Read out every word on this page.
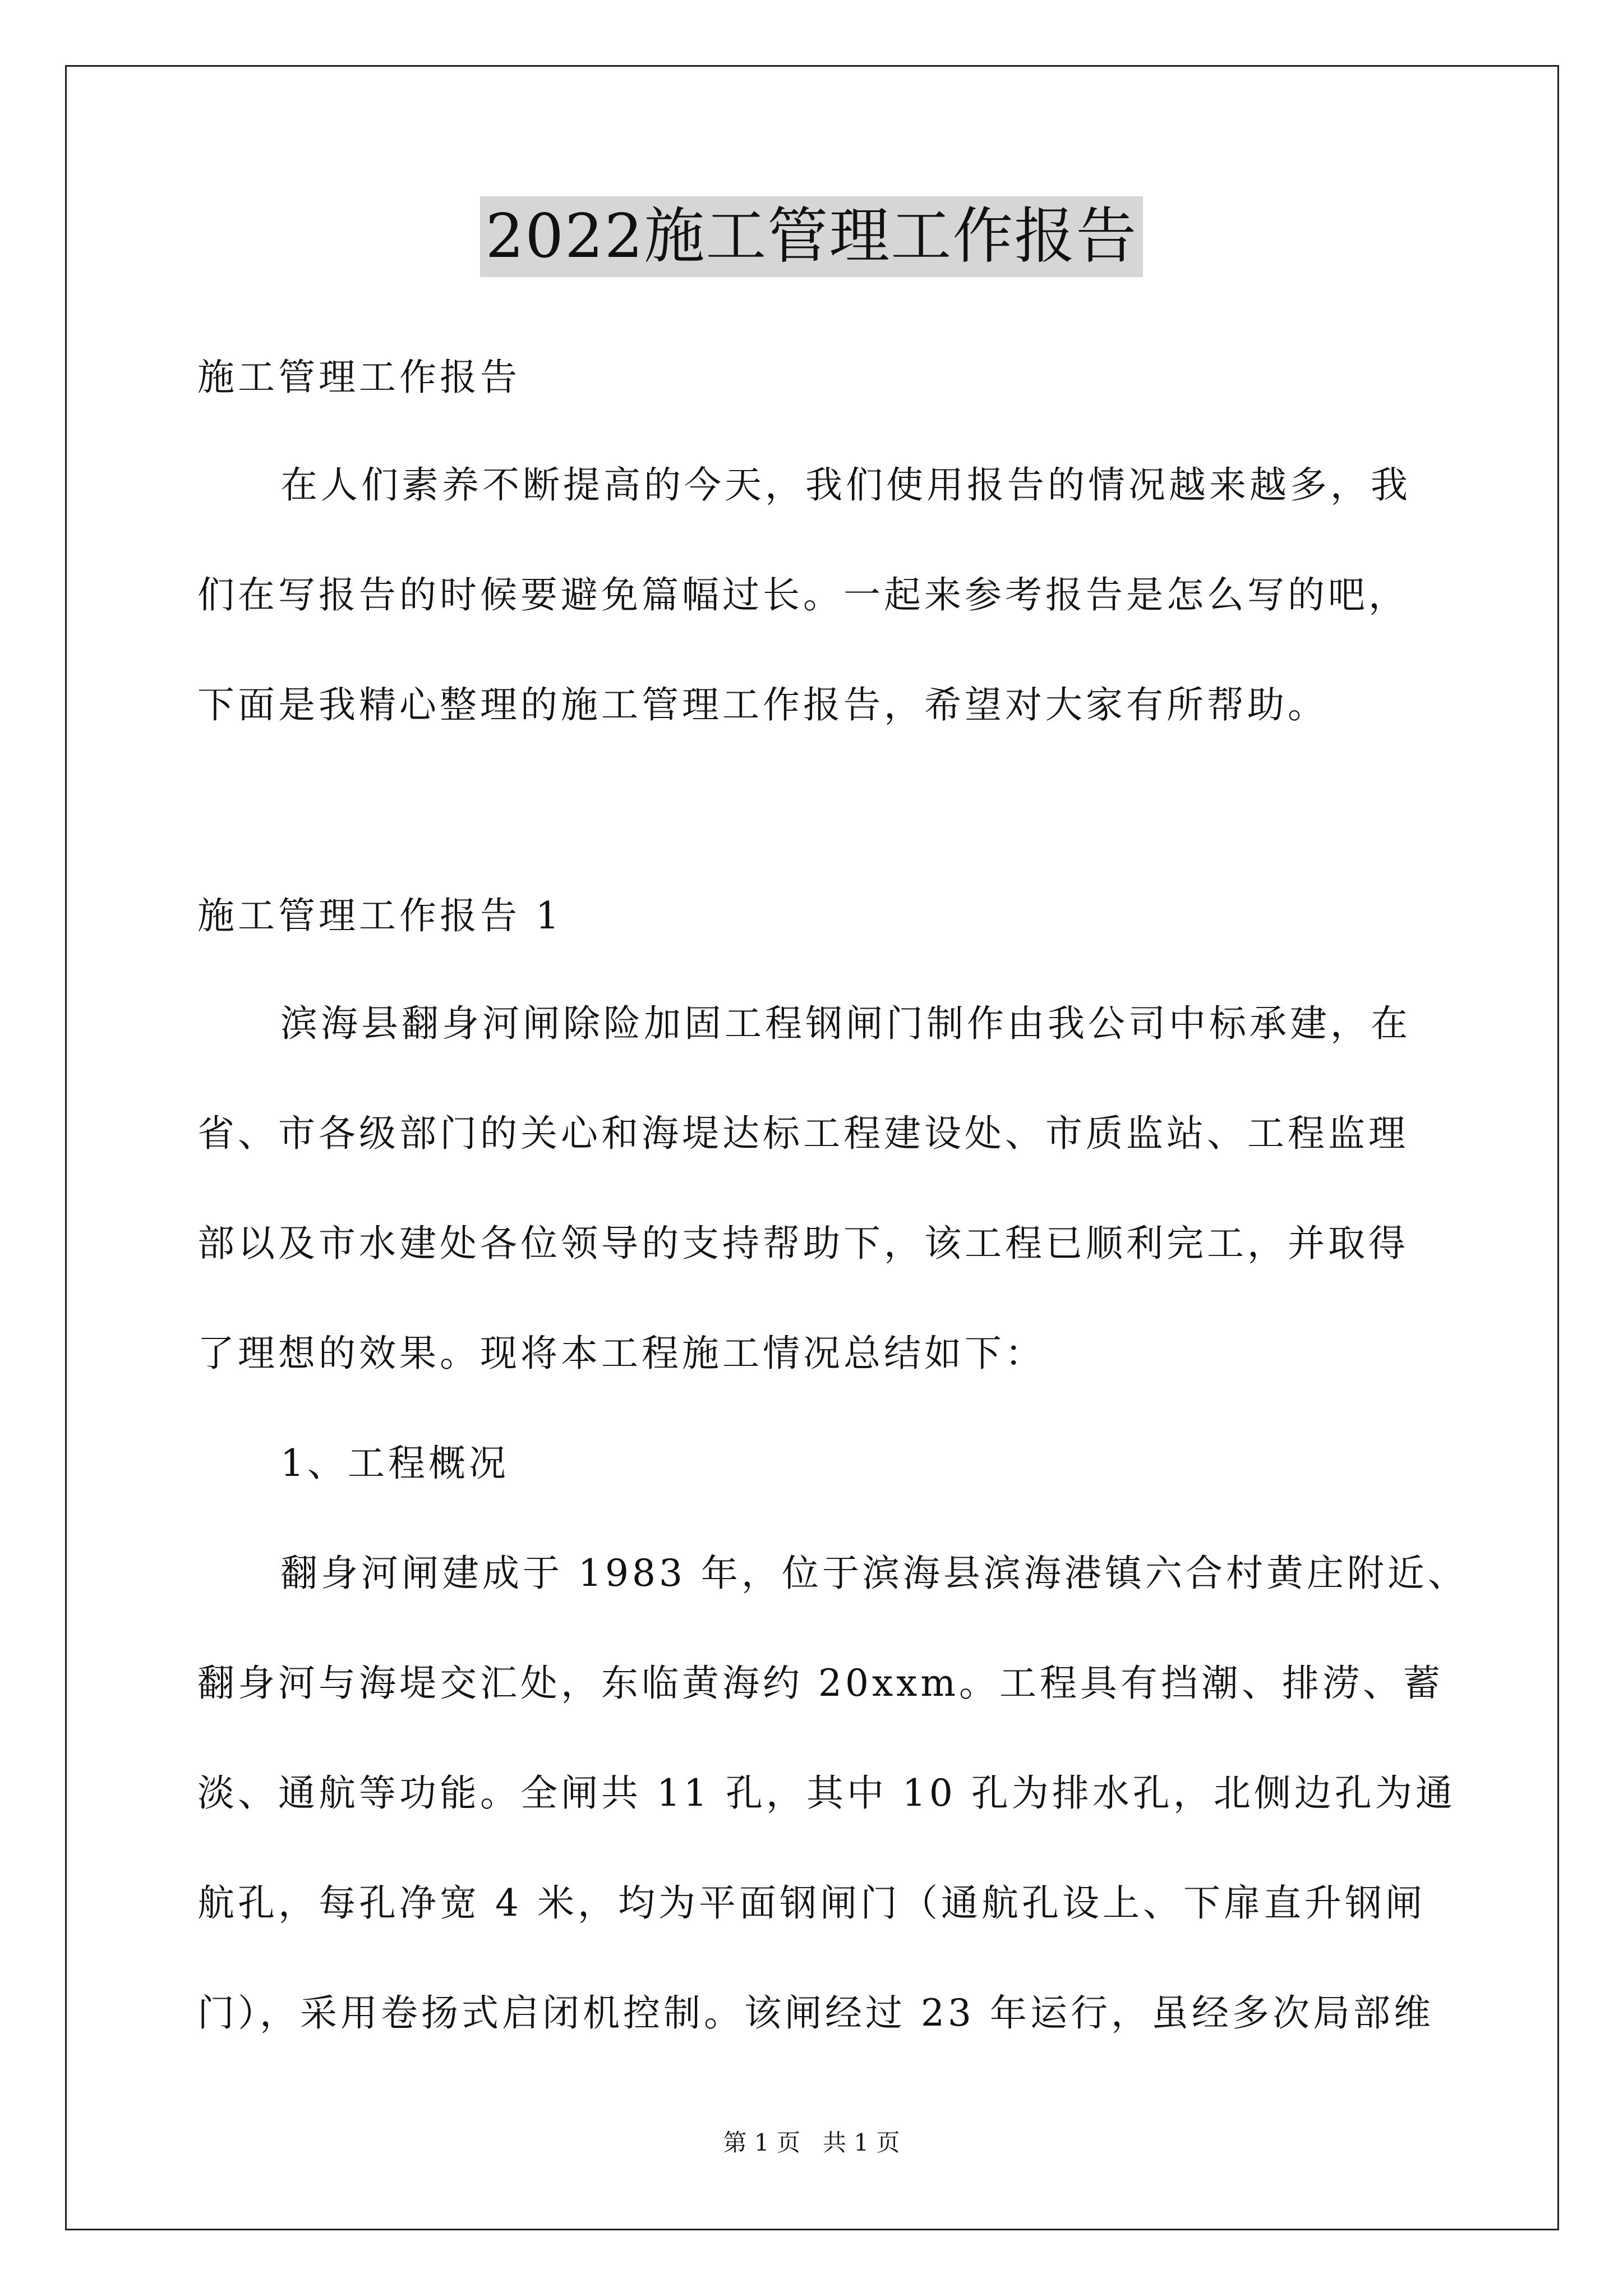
2022施工管理工作报告
施工管理工作报告
在人们素养不断提高的今天，我们使用报告的情况越来越多，我
们在写报告的时候要避免篇幅过长。一起来参考报告是怎么写的吧，
下面是我精心整理的施工管理工作报告，希望对大家有所帮助。
施工管理工作报告 1
滨海县翻身河闸除险加固工程钢闸门制作由我公司中标承建，在
省、市各级部门的关心和海堤达标工程建设处、市质监站、工程监理
部以及市水建处各位领导的支持帮助下，该工程已顺利完工，并取得
了理想的效果。现将本工程施工情况总结如下：
1、工程概况
翻身河闸建成于 1983 年，位于滨海县滨海港镇六合村黄庄附近、
翻身河与海堤交汇处，东临黄海约 20xxm。工程具有挡潮、排涝、蓄
淡、通航等功能。全闸共 11 孔，其中 10 孔为排水孔，北侧边孔为通
航孔，每孔净宽 4 米，均为平面钢闸门（通航孔设上、下扉直升钢闸
门），采用卷扬式启闭机控制。该闸经过 23 年运行，虽经多次局部维
第 1 页   共 1 页
